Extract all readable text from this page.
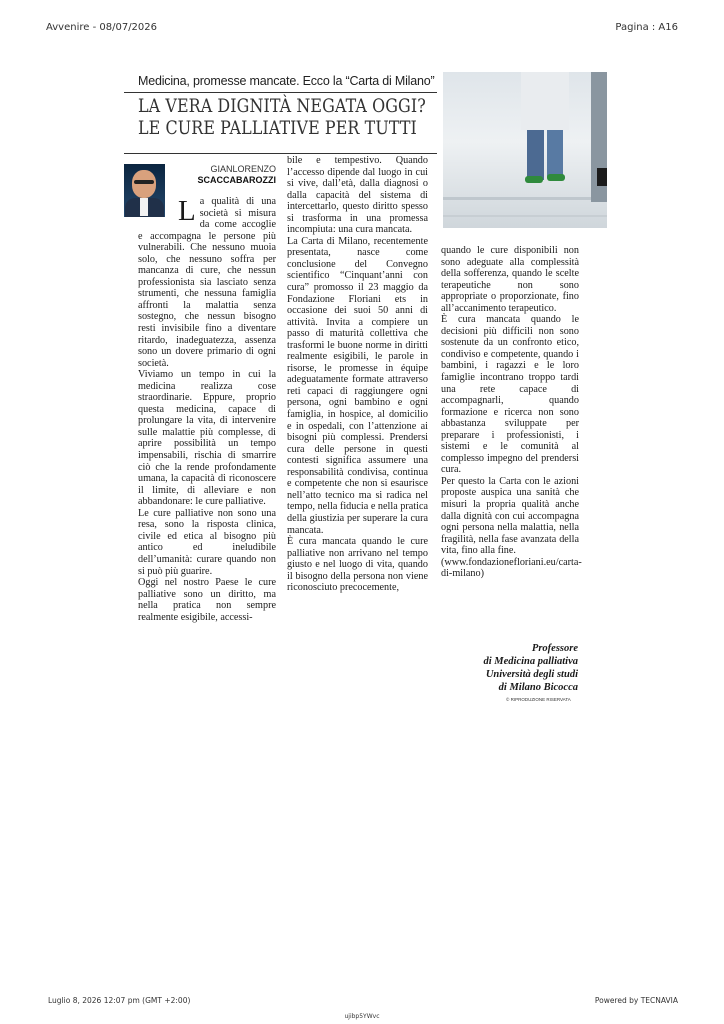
Avvenire - 08/07/2026	Pagina : A16
Medicina, promesse mancate. Ecco la “Carta di Milano”
LA VERA DIGNITÀ NEGATA OGGI?
LE CURE PALLIATIVE PER TUTTI
GIANLORENZO
SCACCABAROZZI

La qualità di una società si misura da come accoglie e accompagna le persone più vulnerabili. Che nessuno muoia solo, che nessuno soffra per mancanza di cure, che nessun professionista sia lasciato senza strumenti, che nessuna famiglia affronti la malattia senza sostegno, che nessun bisogno resti invisibile fino a diventare ritardo, inadeguatezza, assenza sono un dovere primario di ogni società.

Viviamo un tempo in cui la medicina realizza cose straordinarie. Eppure, proprio questa medicina, capace di prolungare la vita, di intervenire sulle malattie più complesse, di aprire possibilità un tempo impensabili, rischia di smarrire ciò che la rende profondamente umana, la capacità di riconoscere il limite, di alleviare e non abbandonare: le cure palliative.

Le cure palliative non sono una resa, sono la risposta clinica, civile ed etica al bisogno più antico ed ineludibile dell’umanità: curare quando non si può più guarire.

Oggi nel nostro Paese le cure palliative sono un diritto, ma nella pratica non sempre realmente esigibile, accessi-

bile e tempestivo. Quando l’accesso dipende dal luogo in cui si vive, dall’età, dalla diagnosi o dalla capacità del sistema di intercettarlo, questo diritto spesso si trasforma in una promessa incompiuta: una cura mancata.

La Carta di Milano, recentemente presentata, nasce come conclusione del Convegno scientifico “Cinquant’anni con cura” promosso il 23 maggio da Fondazione Floriani ets in occasione dei suoi 50 anni di attività. Invita a compiere un passo di maturità collettiva che trasformi le buone norme in diritti realmente esigibili, le parole in risorse, le promesse in équipe adeguatamente formate attraverso reti capaci di raggiungere ogni persona, ogni bambino e ogni famiglia, in hospice, al domicilio e in ospedali, con l’attenzione ai bisogni più complessi. Prendersi cura delle persone in questi contesti significa assumere una responsabilità condivisa, continua e competente che non si esaurisce nell’atto tecnico ma si radica nel tempo, nella fiducia e nella pratica della giustizia per superare la cura mancata.

È cura mancata quando le cure palliative non arrivano nel tempo giusto e nel luogo di vita, quando il bisogno della persona non viene riconosciuto precocemente,

quando le cure disponibili non sono adeguate alla complessità della sofferenza, quando le scelte terapeutiche non sono appropriate o proporzionate, fino all’accanimento terapeutico.

È cura mancata quando le decisioni più difficili non sono sostenute da un confronto etico, condiviso e competente, quando i bambini, i ragazzi e le loro famiglie incontrano troppo tardi una rete capace di accompagnarli, quando formazione e ricerca non sono abbastanza sviluppate per preparare i professionisti, i sistemi e le comunità al complesso impegno del prendersi cura.

Per questo la Carta con le azioni proposte auspica una sanità che misuri la propria qualità anche dalla dignità con cui accompagna ogni persona nella malattia, nella fragilità, nella fase avanzata della vita, fino alla fine.

(www.fondazionefloriani.eu/carta-di-milano)

Professore
di Medicina palliativa
Università degli studi
di Milano Bicocca
© RIPRODUZIONE RISERVATA
Luglio 8, 2026 12:07 pm (GMT +2:00)	Powered by TECNAVIA
ujibp5YWvc
